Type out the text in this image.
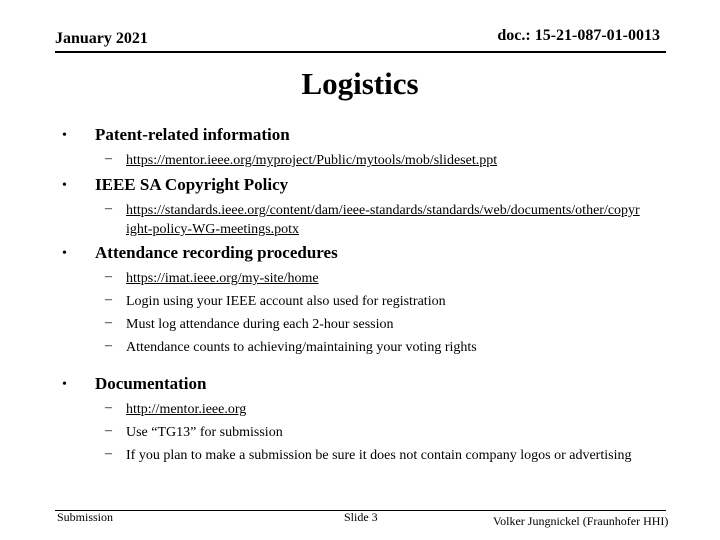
January 2021	doc.: 15-21-087-01-0013
Logistics
• Patent-related information
– https://mentor.ieee.org/myproject/Public/mytools/mob/slideset.ppt
• IEEE SA Copyright Policy
– https://standards.ieee.org/content/dam/ieee-standards/standards/web/documents/other/copyright-policy-WG-meetings.potx
• Attendance recording procedures
– https://imat.ieee.org/my-site/home
– Login using your IEEE account also used for registration
– Must log attendance during each 2-hour session
– Attendance counts to achieving/maintaining your voting rights
• Documentation
– http://mentor.ieee.org
– Use “TG13” for submission
– If you plan to make a submission be sure it does not contain company logos or advertising
Submission	Slide 3	Volker Jungnickel (Fraunhofer HHI)
